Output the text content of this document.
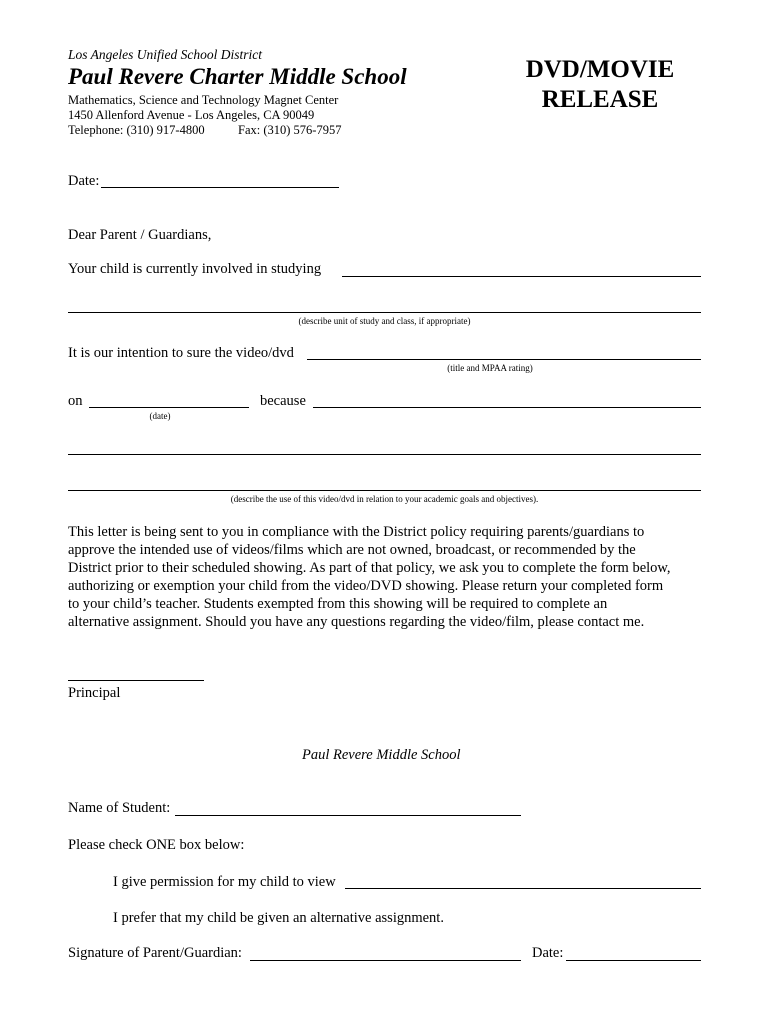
Los Angeles Unified School District
Paul Revere Charter Middle School
Mathematics, Science and Technology Magnet Center
1450 Allenford Avenue - Los Angeles, CA 90049
Telephone: (310) 917-4800	Fax: (310) 576-7957
DVD/MOVIE RELEASE
Date:
Dear Parent / Guardians,
Your child is currently involved in studying
(describe unit of study and class, if appropriate)
It is our intention to sure the video/dvd
(title and MPAA rating)
on
(date)
because
(describe the use of this video/dvd in relation to your academic goals and objectives).
This letter is being sent to you in compliance with the District policy requiring parents/guardians to
approve the intended use of videos/films which are not owned, broadcast, or recommended by the
District prior to their scheduled showing. As part of that policy, we ask you to complete the form below,
authorizing or exemption your child from the video/DVD showing. Please return your completed form
to your child’s teacher. Students exempted from this showing will be required to complete an
alternative assignment. Should you have any questions regarding the video/film, please contact me.
Principal
Paul Revere Middle School
Name of Student:
Please check ONE box below:
I give permission for my child to view
I prefer that my child be given an alternative assignment.
Signature of Parent/Guardian:	Date:
